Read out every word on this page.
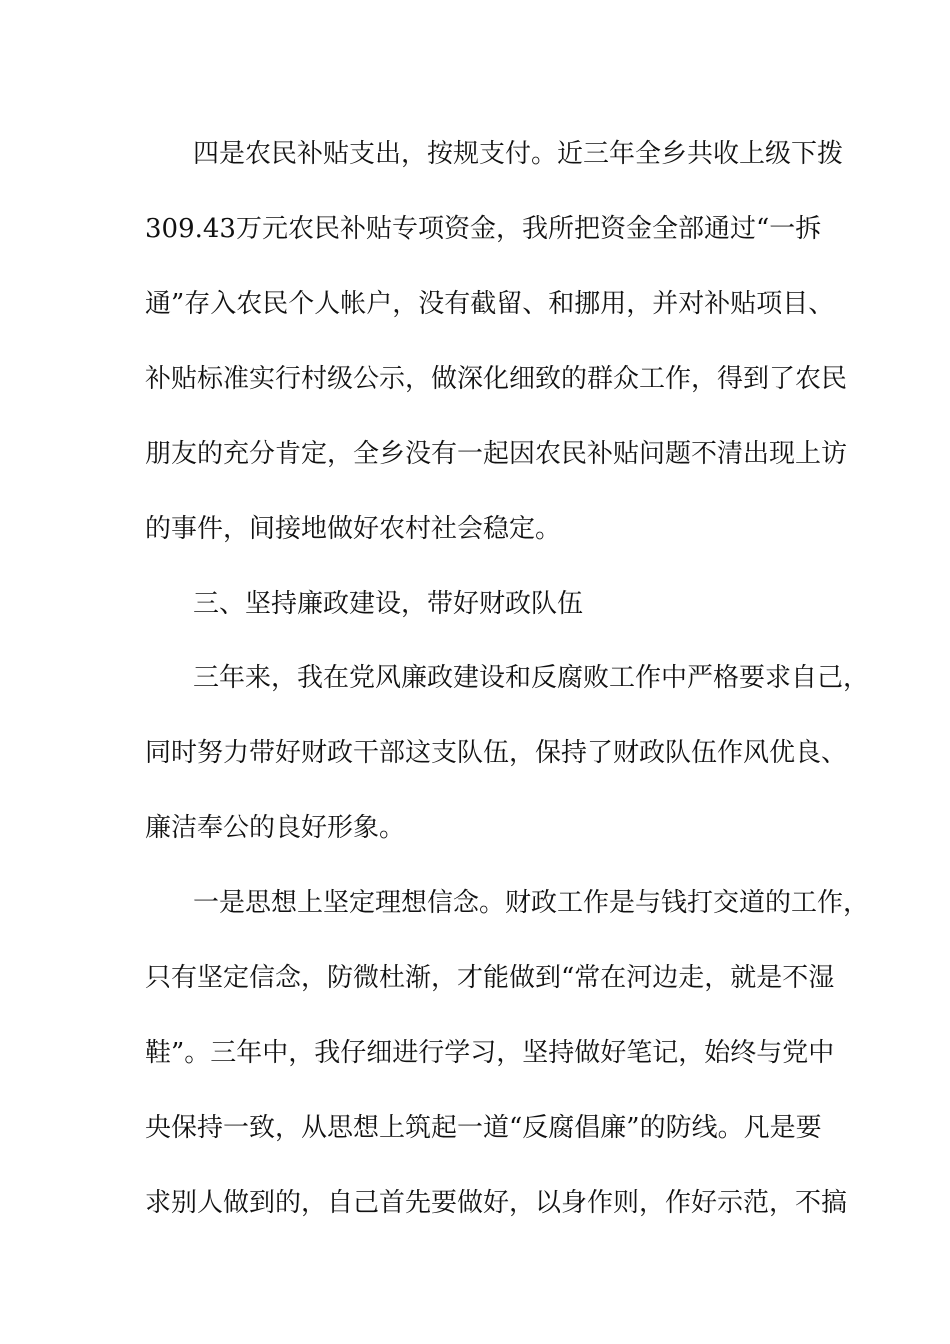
四是农民补贴支出，按规支付。近三年全乡共收上级下拨

309.43万元农民补贴专项资金，我所把资金全部通过“一拆

通”存入农民个人帐户，没有截留、和挪用，并对补贴项目、

补贴标准实行村级公示，做深化细致的群众工作，得到了农民

朋友的充分肯定，全乡没有一起因农民补贴问题不清出现上访

的事件，间接地做好农村社会稳定。

三、坚持廉政建设，带好财政队伍

三年来，我在党风廉政建设和反腐败工作中严格要求自己，

同时努力带好财政干部这支队伍，保持了财政队伍作风优良、

廉洁奉公的良好形象。

一是思想上坚定理想信念。财政工作是与钱打交道的工作，

只有坚定信念，防微杜渐，才能做到“常在河边走，就是不湿

鞋”。三年中，我仔细进行学习，坚持做好笔记，始终与党中

央保持一致，从思想上筑起一道“反腐倡廉”的防线。凡是要

求别人做到的，自己首先要做好，以身作则，作好示范，不搞
